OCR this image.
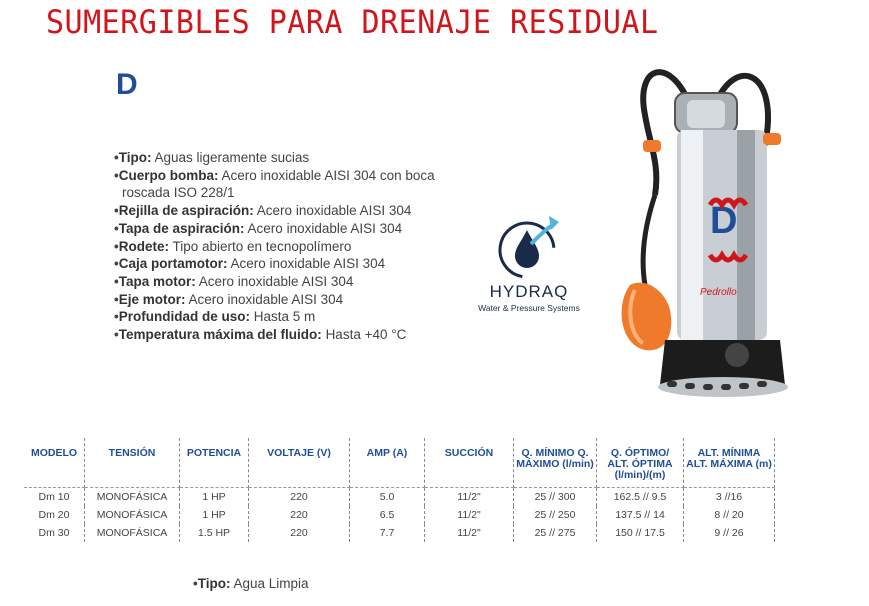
SUMERGIBLES PARA DRENAJE RESIDUAL
D
•Tipo: Aguas ligeramente sucias
•Cuerpo bomba: Acero inoxidable AISI 304 con boca roscada ISO 228/1
•Rejilla de aspiración: Acero inoxidable AISI 304
•Tapa de aspiración: Acero inoxidable AISI 304
•Rodete: Tipo abierto en tecnopolímero
•Caja portamotor: Acero inoxidable AISI 304
•Tapa motor: Acero inoxidable AISI 304
•Eje motor: Acero inoxidable AISI 304
•Profundidad de uso: Hasta 5 m
•Temperatura máxima del fluido: Hasta +40 °C
HYDRAQ
Water & Pressure Systems
D
Pedrollo
MODELO	TENSIÓN	POTENCIA	VOLTAJE (V)	AMP (A)	SUCCIÓN	Q. MÍNIMO Q. MÁXIMO (l/min)	Q. ÓPTIMO/ ALT. ÓPTIMA (l/min)/(m)	ALT. MÍNIMA ALT. MÁXIMA (m)
Dm 10	MONOFÁSICA	1 HP	220	5.0	11/2"	25 // 300	162.5 // 9.5	3 //16
Dm 20	MONOFÁSICA	1 HP	220	6.5	11/2"	25 // 250	137.5 // 14	8 // 20
Dm 30	MONOFÁSICA	1.5 HP	220	7.7	11/2"	25 // 275	150 // 17.5	9 // 26
•Tipo: Agua Limpia
